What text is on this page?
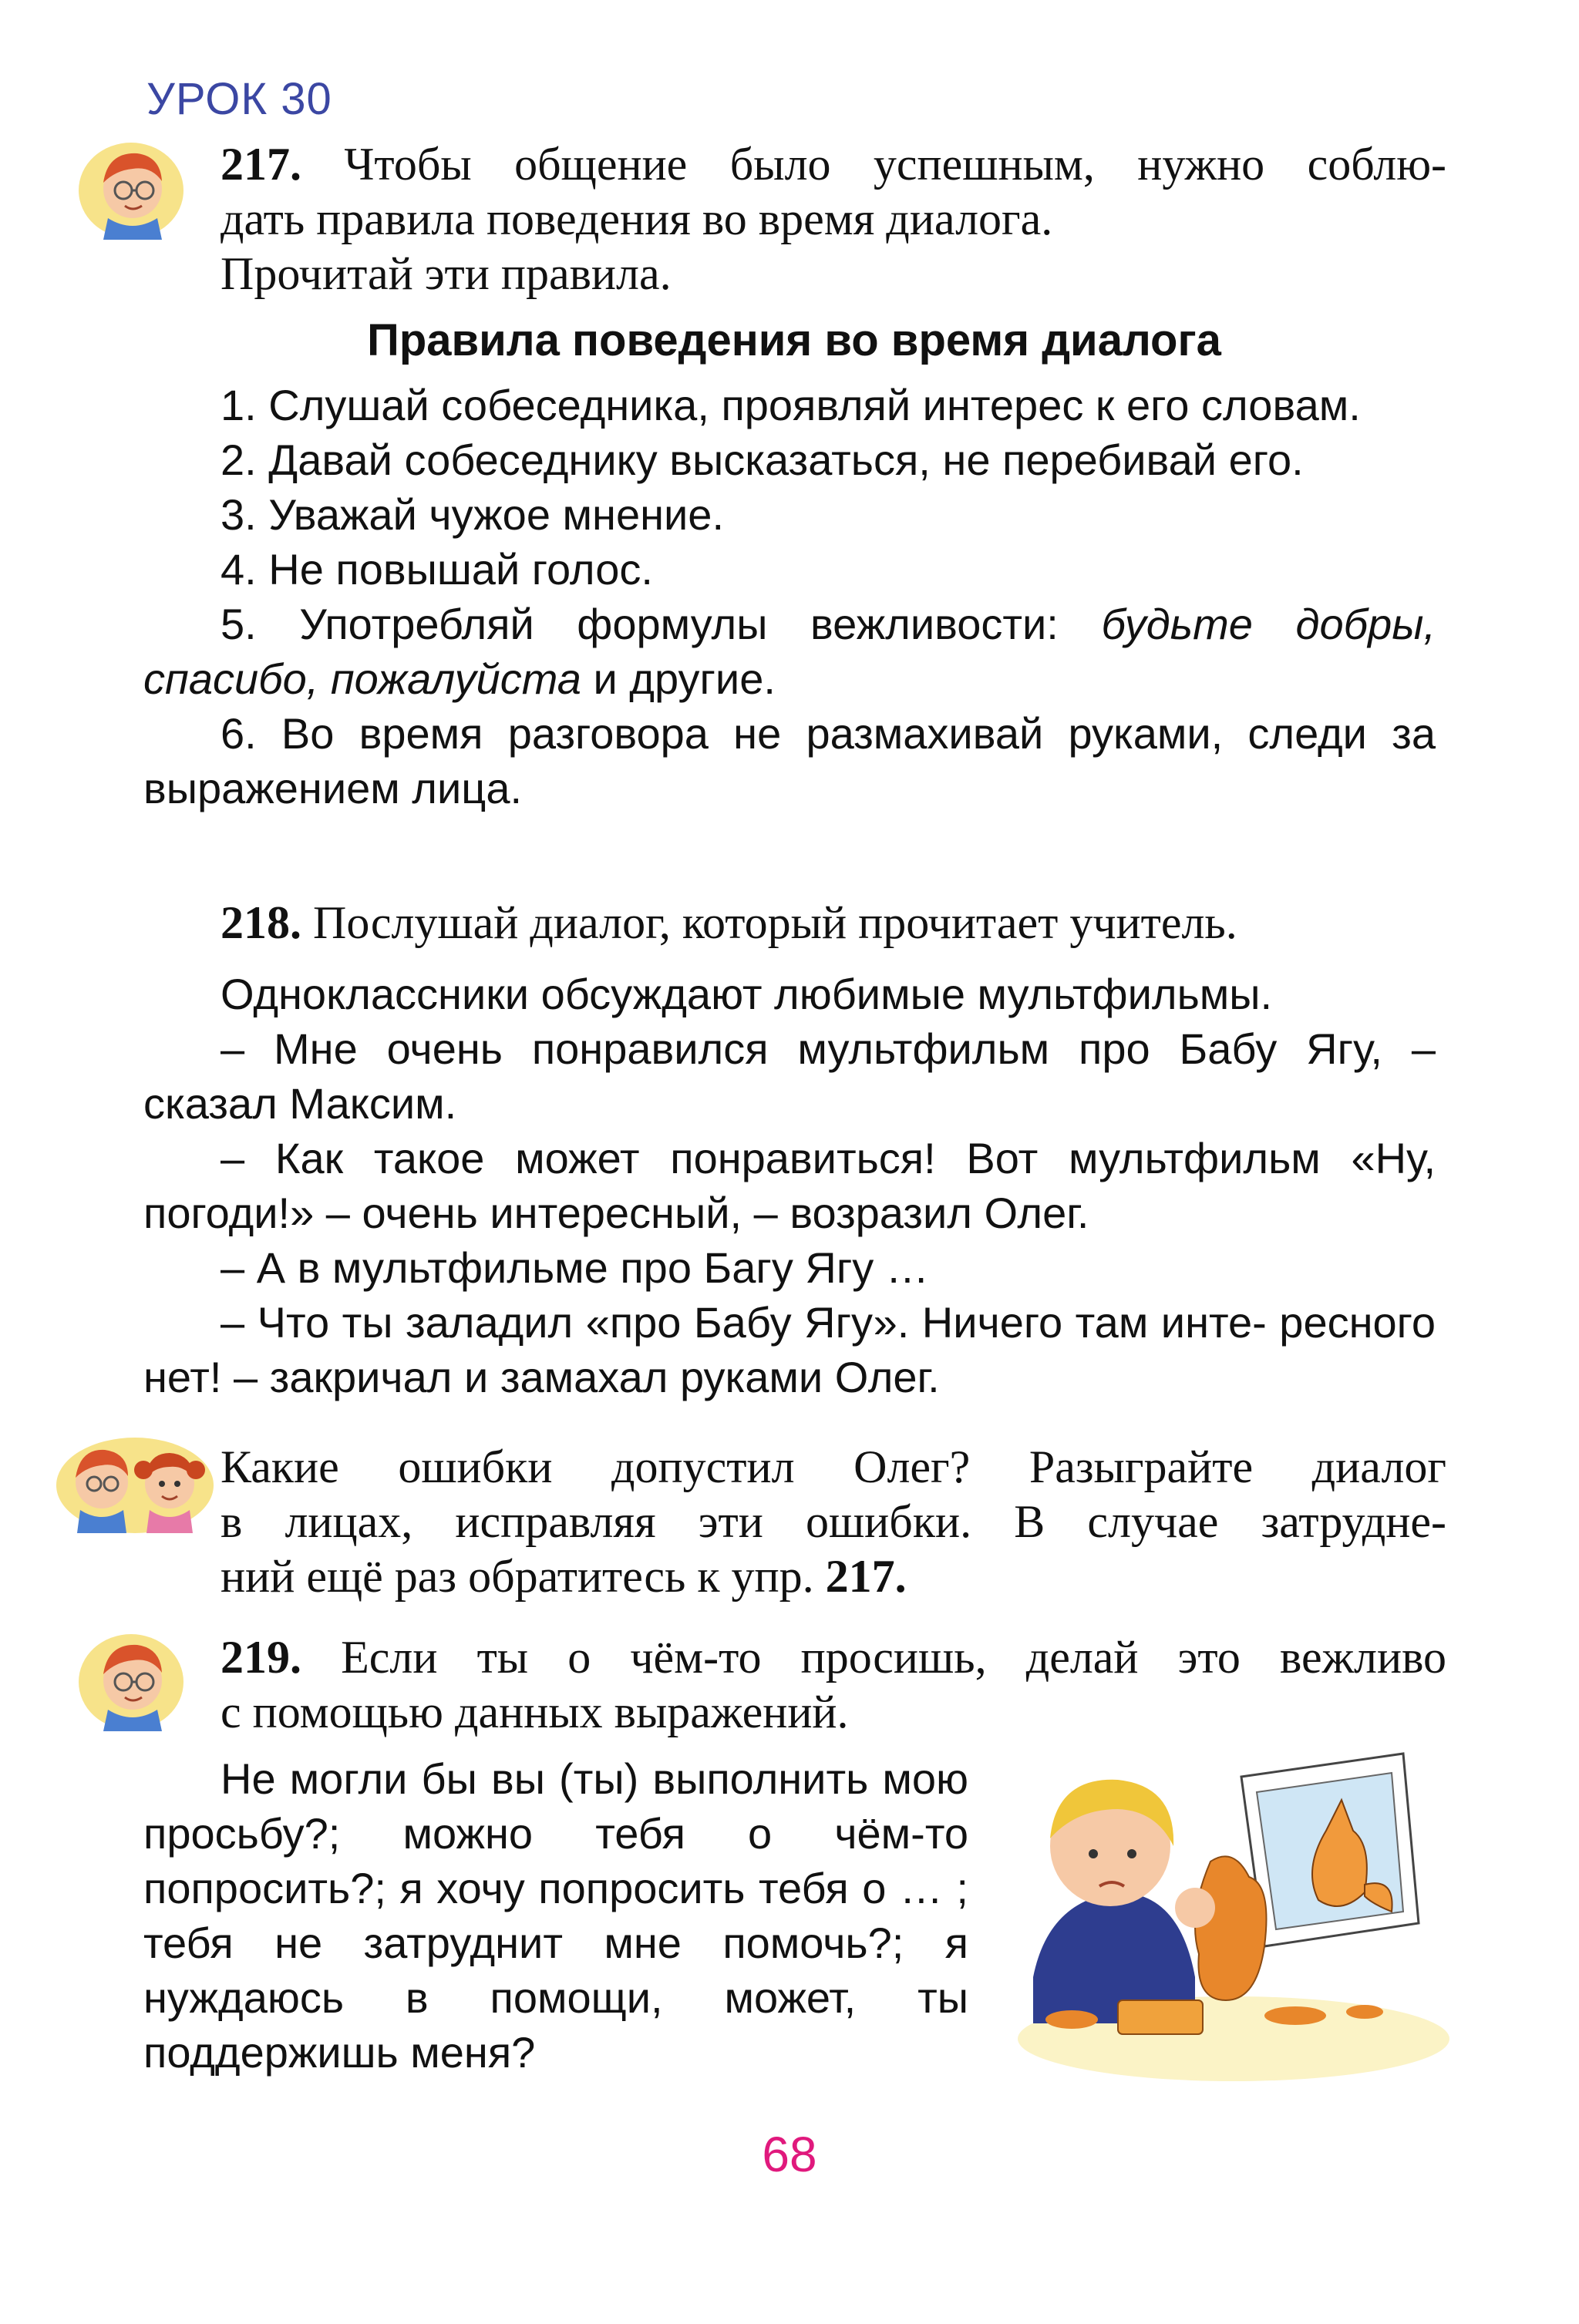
УРОК 30
217. Чтобы общение было успешным, нужно соблю-
дать правила поведения во время диалога.
Прочитай эти правила.
Правила поведения во время диалога

1. Слушай собеседника, проявляй интерес к его словам.

2. Давай собеседнику высказаться, не перебивай его.

3. Уважай чужое мнение.

4. Не повышай голос.

5. Употребляй формулы вежливости: будьте добры, спасибо, пожалуйста и другие.

6. Во время разговора не размахивай руками, следи за выражением лица.

218. Послушай диалог, который прочитает учитель.

Одноклассники обсуждают любимые мультфильмы.

– Мне очень понравился мультфильм про Бабу Ягу, – сказал Максим.

– Как такое может понравиться! Вот мультфильм «Ну, погоди!» – очень интересный, – возразил Олег.

– А в мультфильме про Багу Ягу …

– Что ты заладил «про Бабу Ягу». Ничего там инте- ресного нет! – закричал и замахал руками Олег.

Какие ошибки допустил Олег? Разыграйте диалог
в лицах, исправляя эти ошибки. В случае затрудне-
ний ещё раз обратитесь к упр. 217.
219. Если ты о чём-то просишь, делай это вежливо
с помощью данных выражений.

Не могли бы вы (ты) выполнить мою просьбу?; можно тебя о чём-то попросить?; я хочу попросить тебя о … ; тебя не затруднит мне помочь?; я нуждаюсь в помощи, может, ты поддержишь меня?

68
